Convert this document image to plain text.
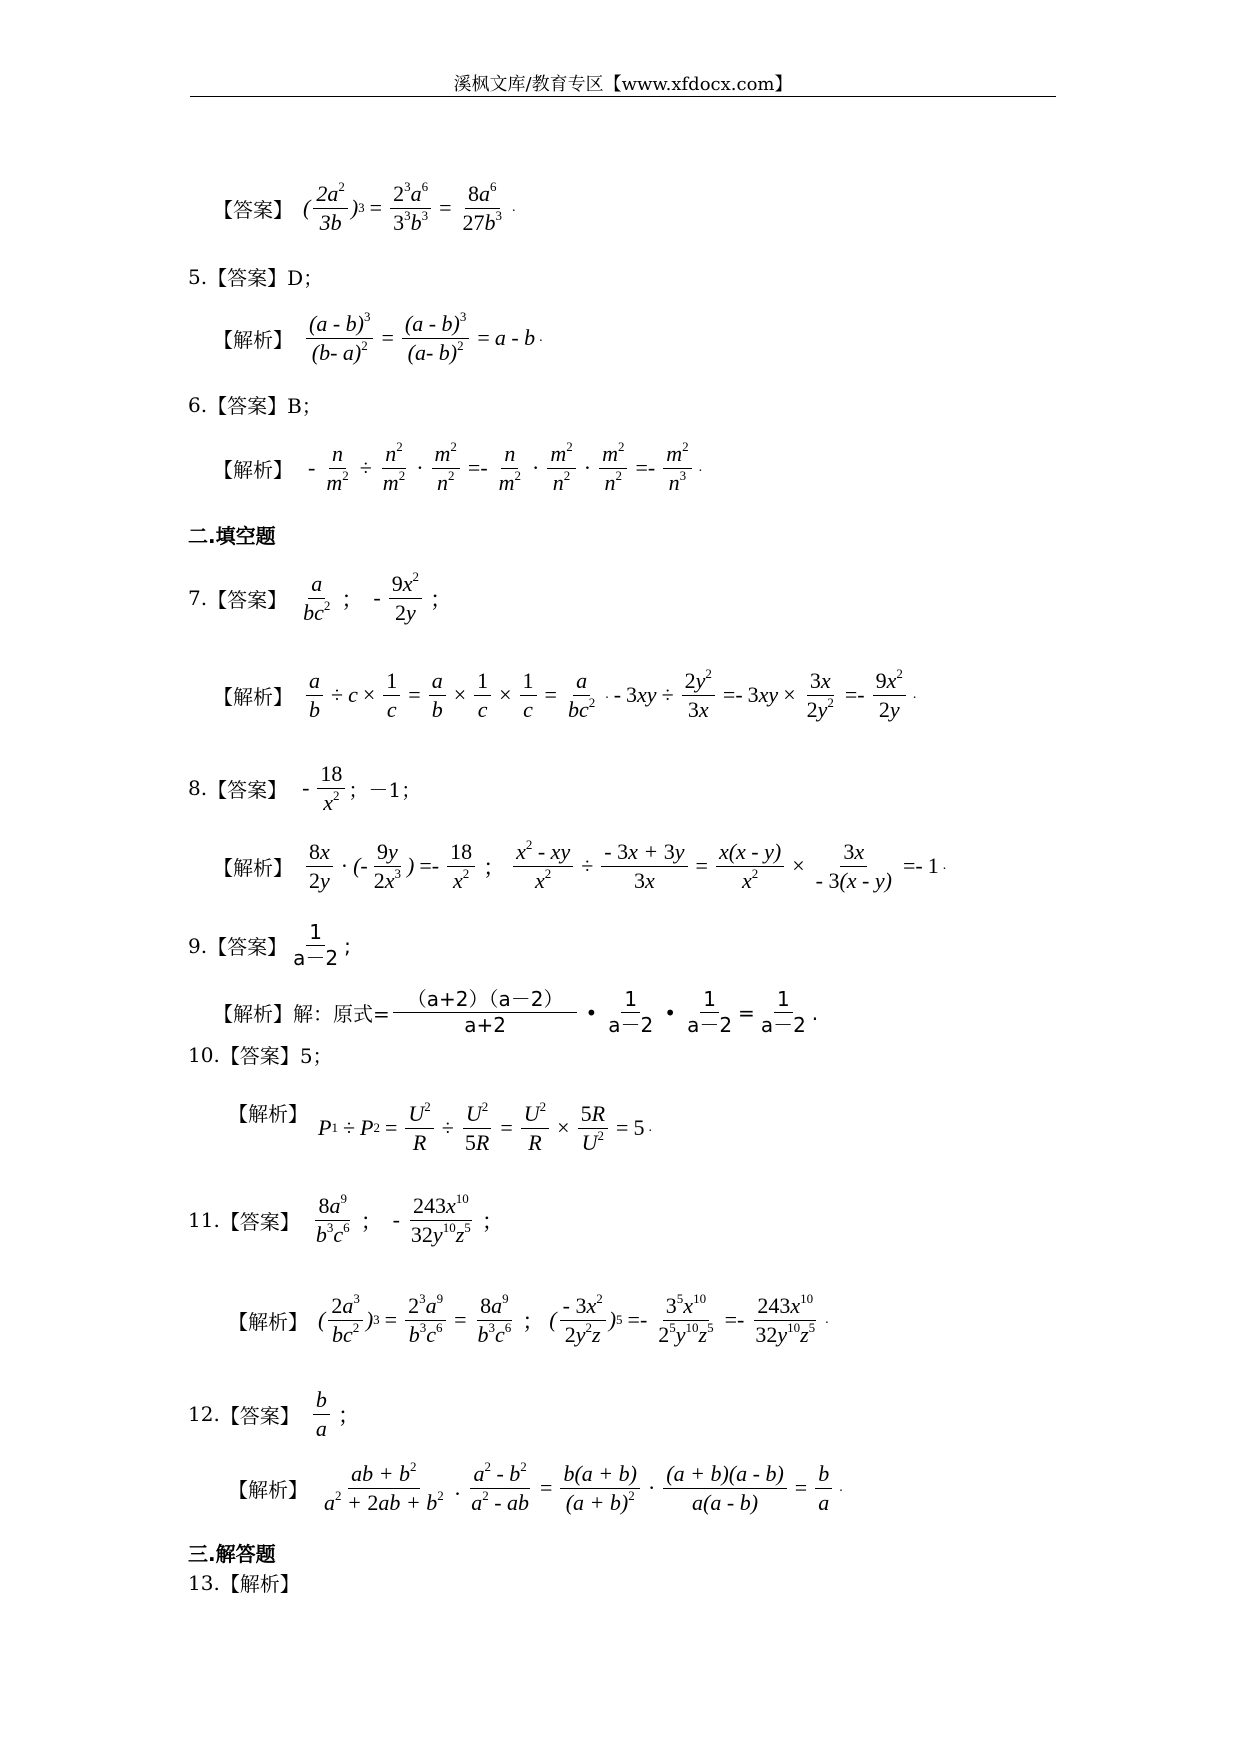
溪枫文库/教育专区【www.xfdocx.com】
【答案】 ( $\frac{2a^2}{3b}$ ) $3 = \frac{2^3a^6}{3^3b^3} = \frac{8a^6}{27b^3}$ .
5. 【答案】 D；
【解析】 $\frac{(a - b)^3}{(b- a)^2} = \frac{(a - b)^3}{(a- b)^2} = a - b$ .
6. 【答案】 B；
【解析】 - $\frac{n}{m^2} \div \frac{n^2}{m^2} \cdot \frac{m^2}{n^2} =- \frac{n}{m^2} \cdot \frac{m^2}{n^2} \cdot \frac{m^2}{n^2} =- \frac{m^2}{n^3}$ .
二.填空题
7. 【答案】 $\frac{a}{bc^2}$ ； - $\frac{9x^2}{2y}$ ；
【解析】 $\frac{a}{b} \div c \times \frac{1}{c} = \frac{a}{b} \times \frac{1}{c} \times \frac{1}{c} = \frac{a}{bc^2}$ . - 3 xy ÷ $\frac{2y^2}{3x} =- 3$ xy × $\frac{3x}{2y^2} =- \frac{9x^2}{2y}$ .
8. 【答案】 - $\frac{18}{x^2}$ ；－1；
【解析】 $\frac{8x}{2y}$ · (- $\frac{9y}{2x^3}$ ) =- $\frac{18}{x^2}$ ； $\frac{x^2 - xy}{x^2} \div \frac{- 3x + 3y}{3x} = \frac{x(x - y)}{x^2} \times \frac{3x}{- 3(x - y)} =- 1$ .
9. 【答案】 $\frac{1}{a-2}$ ;
【解析】 解：原式= $\frac{(a+2)(a-2)}{a+2}$ • $\frac{1}{a-2}$ • $\frac{1}{a-2} = \frac{1}{a-2}$ .
10. 【答案】 5；
【解析】
P 1 ÷ P $2 = \frac{U^2}{R} \div \frac{U^2}{5R} = \frac{U^2}{R} \times \frac{5R}{U^2} = 5$ .
11. 【答案】 $\frac{8a^9}{b^3c^6}$ ； - $\frac{243x^{10}}{32y^{10}z^5}$ ；
【解析】 ( $\frac{2a^3}{bc^2}$ ) $3 = \frac{2^3a^9}{b^3c^6} = \frac{8a^9}{b^3c^6}$ ； ( $\frac{- 3x^2}{2y^2z}$ ) $5 =- \frac{3^5x^{10}}{2^5y^{10}z^5} =- \frac{243x^{10}}{32y^{10}z^5}$ .
12. 【答案】 $\frac{b}{a}$ ；
【解析】 $\frac{ab + b^2}{a^2 + 2ab + b^2}$ . $\frac{a^2 - b^2}{a^2 - ab} = \frac{b(a + b)}{(a + b)^2} \cdot \frac{(a + b)(a - b)}{a(a - b)} = \frac{b}{a}$ .
三.解答题
13. 【解析】
